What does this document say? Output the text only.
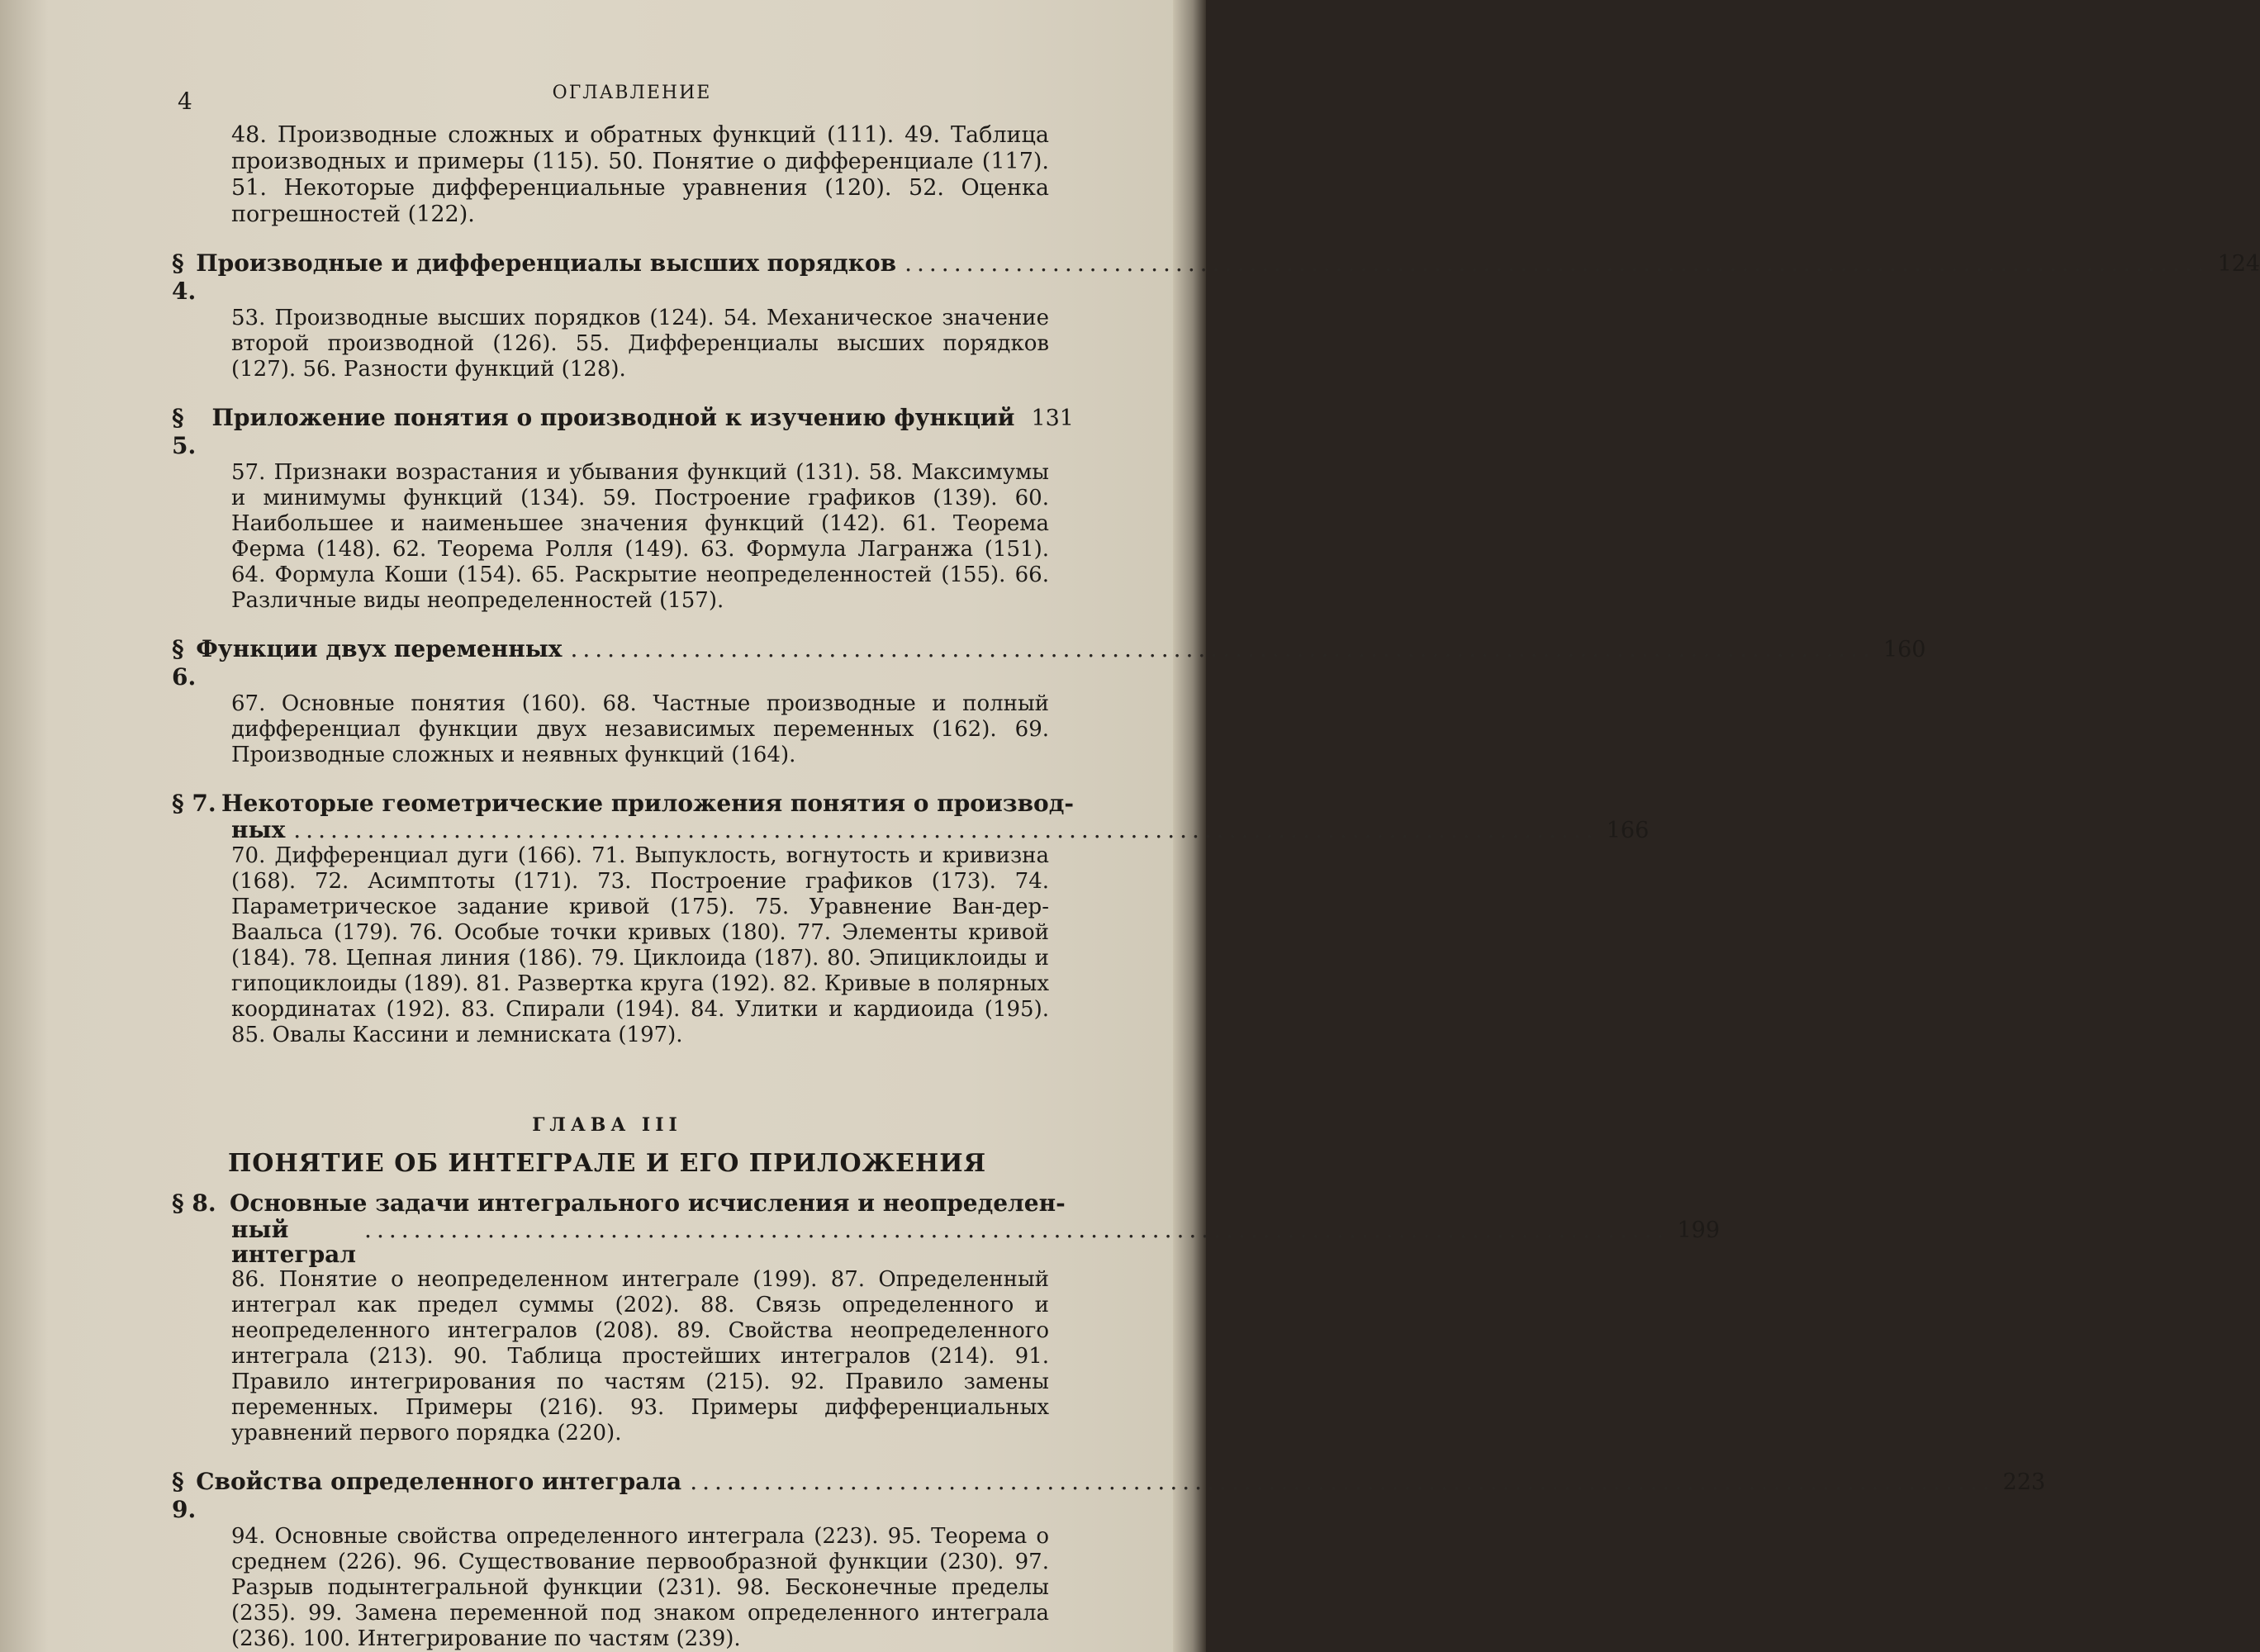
4	ОГЛАВЛЕНИЕ

48. Производные сложных и обратных функций (111). 49. Таблица производных и примеры (115). 50. Понятие о дифференциале (117). 51. Некоторые дифференциальные уравнения (120). 52. Оценка погрешностей (122).

§ 4.
Производные и дифференциалы высших порядков .......................................................................................................... 124
53. Производные высших порядков (124). 54. Механическое значение второй производной (126). 55. Дифференциалы высших порядков (127). 56. Разности функций (128).
§ 5.
Приложение понятия о производной к изучению функций 131
57. Признаки возрастания и убывания функций (131). 58. Максимумы и минимумы функций (134). 59. Построение графиков (139). 60. Наибольшее и наименьшее значения функций (142). 61. Теорема Ферма (148). 62. Теорема Ролля (149). 63. Формула Лагранжа (151). 64. Формула Коши (154). 65. Раскрытие неопределенностей (155). 66. Различные виды неопределенностей (157).
§ 6.
Функции двух переменных .......................................................................................................... 160
67. Основные понятия (160). 68. Частные производные и полный дифференциал функции двух независимых переменных (162). 69. Производные сложных и неявных функций (164).
§ 7. Некоторые геометрические приложения понятия о производ-
ных .......................................................................................................... 166
70. Дифференциал дуги (166). 71. Выпуклость, вогнутость и кривизна (168). 72. Асимптоты (171). 73. Построение графиков (173). 74. Параметрическое задание кривой (175). 75. Уравнение Ван-дер-Ваальса (179). 76. Особые точки кривых (180). 77. Элементы кривой (184). 78. Цепная линия (186). 79. Циклоида (187). 80. Эпициклоиды и гипоциклоиды (189). 81. Развертка круга (192). 82. Кривые в полярных координатах (192). 83. Спирали (194). 84. Улитки и кардиоида (195). 85. Овалы Кассини и лемниската (197).
ГЛАВА III
ПОНЯТИЕ ОБ ИНТЕГРАЛЕ И ЕГО ПРИЛОЖЕНИЯ
§ 8. Основные задачи интегрального исчисления и неопределен-
ный интеграл
.......................................................................................................... 199
86. Понятие о неопределенном интеграле (199). 87. Определенный интеграл как предел суммы (202). 88. Связь определенного и неопределенного интегралов (208). 89. Свойства неопределенного интеграла (213). 90. Таблица простейших интегралов (214). 91. Правило интегрирования по частям (215). 92. Правило замены переменных. Примеры (216). 93. Примеры дифференциальных уравнений первого порядка (220).
§ 9.
Свойства определенного интеграла .......................................................................................................... 223
94. Основные свойства определенного интеграла (223). 95. Теорема о среднем (226). 96. Существование первообразной функции (230). 97. Разрыв подынтегральной функции (231). 98. Бесконечные пределы (235). 99. Замена переменной под знаком определенного интеграла (236). 100. Интегрирование по частям (239).
